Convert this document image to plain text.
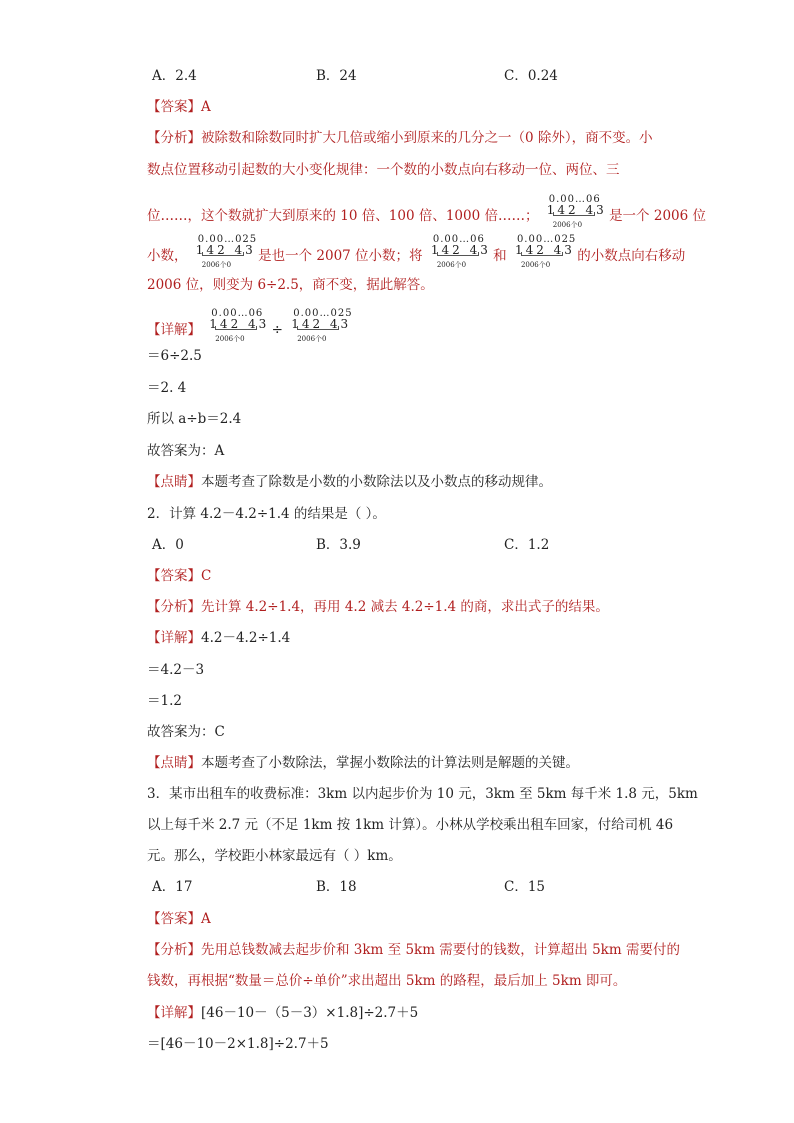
A．2.4	B．24	C．0.24
【答案】A
【分析】被除数和除数同时扩大几倍或缩小到原来的几分之一（0 除外），商不变。小
数点位置移动引起数的大小变化规律：一个数的小数点向右移动一位、两位、三
位……，这个数就扩大到原来的 10 倍、100 倍、1000 倍……；
0.00…06
142 43
2006个0
是一个 2006 位
小数，
0.00…025
142 43
2006个0
是也一个 2007 位小数；将
0.00…06
142 43
2006个0
和
0.00…025
142 43
2006个0
的小数点向右移动
2006 位，则变为 6÷2.5，商不变，据此解答。
【详解】
0.00…06
142 43
2006个0
÷
0.00…025
142 43
2006个0
＝6÷2.5
＝2. 4
所以 a÷b＝2.4
故答案为：A
【点睛】本题考查了除数是小数的小数除法以及小数点的移动规律。
2．计算 4.2－4.2÷1.4 的结果是（ ）。
A．0	B．3.9	C．1.2
【答案】C
【分析】先计算 4.2÷1.4，再用 4.2 减去 4.2÷1.4 的商，求出式子的结果。
【详解】4.2－4.2÷1.4
＝4.2－3
＝1.2
故答案为：C
【点睛】本题考查了小数除法，掌握小数除法的计算法则是解题的关键。
3．某市出租车的收费标准：3km 以内起步价为 10 元，3km 至 5km 每千米 1.8 元，5km
以上每千米 2.7 元（不足 1km 按 1km 计算）。小林从学校乘出租车回家，付给司机 46
元。那么，学校距小林家最远有（ ）km。
A．17	B．18	C．15
【答案】A
【分析】先用总钱数减去起步价和 3km 至 5km 需要付的钱数，计算超出 5km 需要付的
钱数，再根据“数量＝总价÷单价”求出超出 5km 的路程，最后加上 5km 即可。
【详解】[46－10－（5－3）×1.8]÷2.7＋5
＝[46－10－2×1.8]÷2.7＋5
